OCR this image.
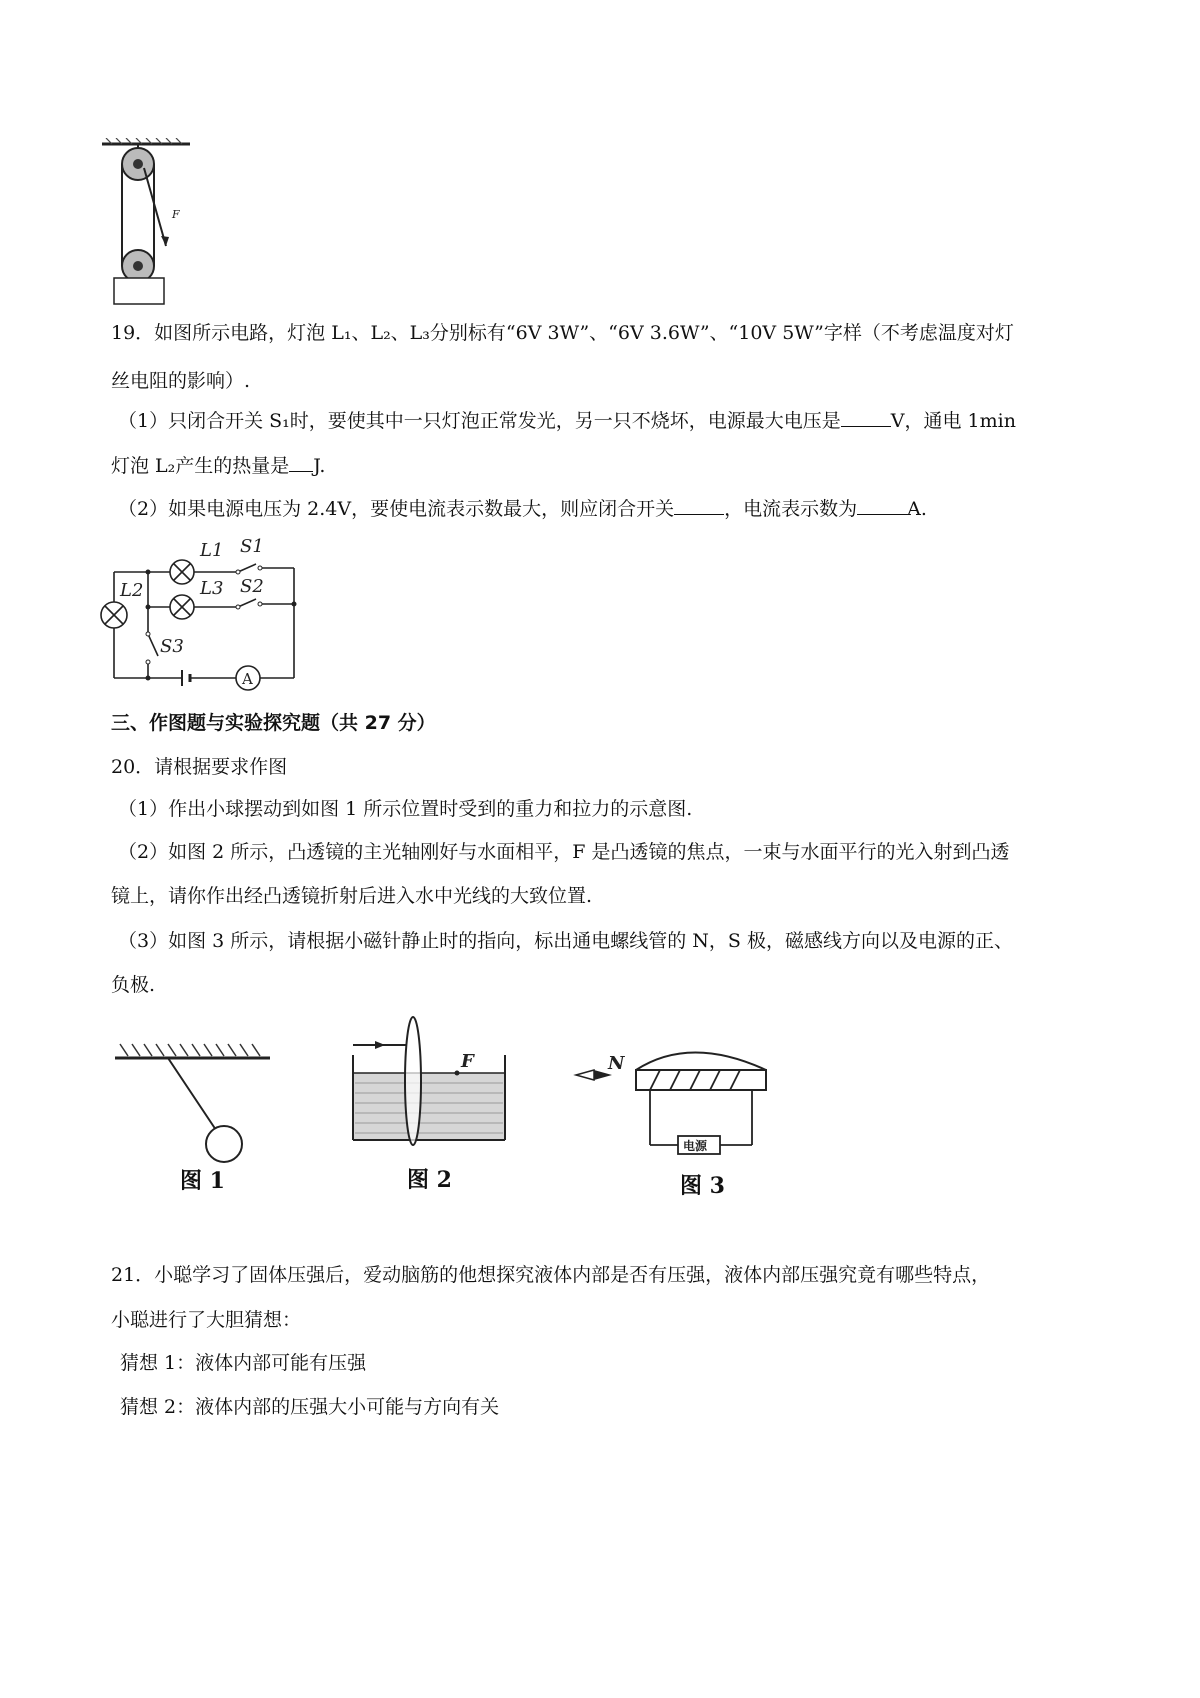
F
19．如图所示电路，灯泡 L₁、L₂、L₃分别标有“6V 3W”、“6V 3.6W”、“10V 5W”字样（不考虑温度对灯
丝电阻的影响）.
（1）只闭合开关 S₁时，要使其中一只灯泡正常发光，另一只不烧坏，电源最大电压是	V，通电 1min
灯泡 L₂产生的热量是 J.
（2）如果电源电压为 2.4V，要使电流表示数最大，则应闭合开关	，电流表示数为	A.
L1 S1
L3 S2
L2
S3
A
三、作图题与实验探究题（共 27 分）
20．请根据要求作图
（1）作出小球摆动到如图 1 所示位置时受到的重力和拉力的示意图.
（2）如图 2 所示，凸透镜的主光轴刚好与水面相平，F 是凸透镜的焦点，一束与水面平行的光入射到凸透
镜上，请你作出经凸透镜折射后进入水中光线的大致位置.
（3）如图 3 所示，请根据小磁针静止时的指向，标出通电螺线管的 N，S 极，磁感线方向以及电源的正、
负极.
图 1
F
图 2
N
电源
图 3
21．小聪学习了固体压强后，爱动脑筋的他想探究液体内部是否有压强，液体内部压强究竟有哪些特点，
小聪进行了大胆猜想：
猜想 1：液体内部可能有压强
猜想 2：液体内部的压强大小可能与方向有关
